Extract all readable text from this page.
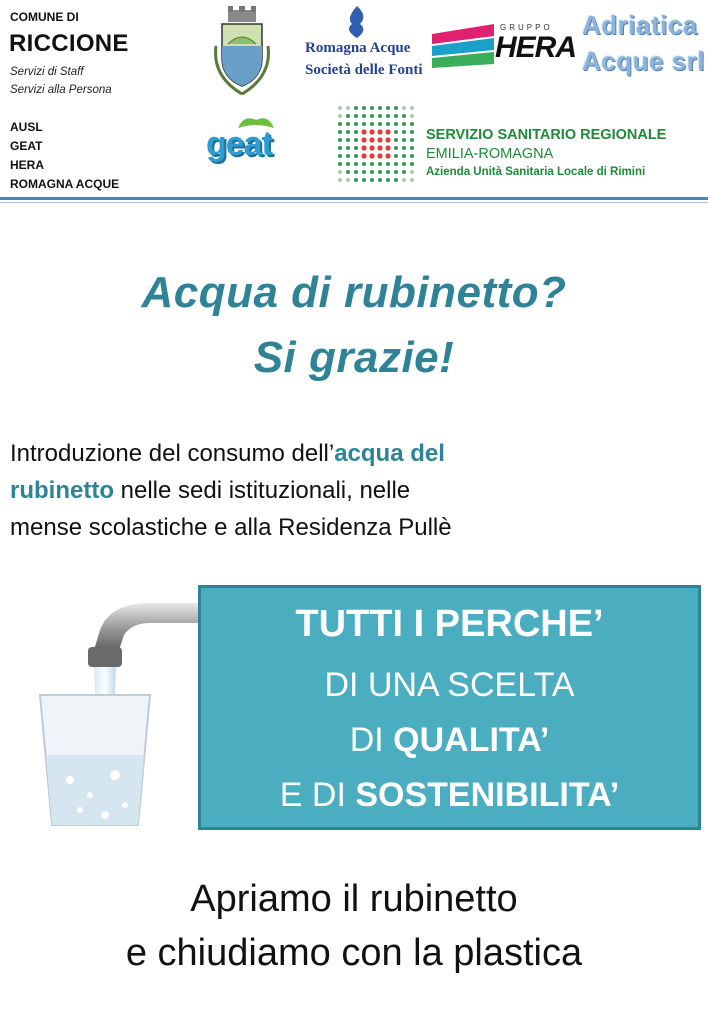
COMUNE DI
RICCIONE
Servizi di Staff
Servizi alla Persona
AUSL
GEAT
HERA
ROMAGNA ACQUE
Romagna Acque
Società delle Fonti
GRUPPO
HERA
Adriatica
Acque srl
geat	SERVIZIO SANITARIO REGIONALE
EMILIA-ROMAGNA
Azienda Unità Sanitaria Locale di Rimini
Acqua di rubinetto?
Si grazie!
Introduzione del consumo dell’acqua del
rubinetto nelle sedi istituzionali, nelle
mense scolastiche e alla Residenza Pullè
TUTTI I PERCHE’
DI UNA SCELTA
DI QUALITA’
E DI SOSTENIBILITA’
Apriamo il rubinetto
e chiudiamo con la plastica
